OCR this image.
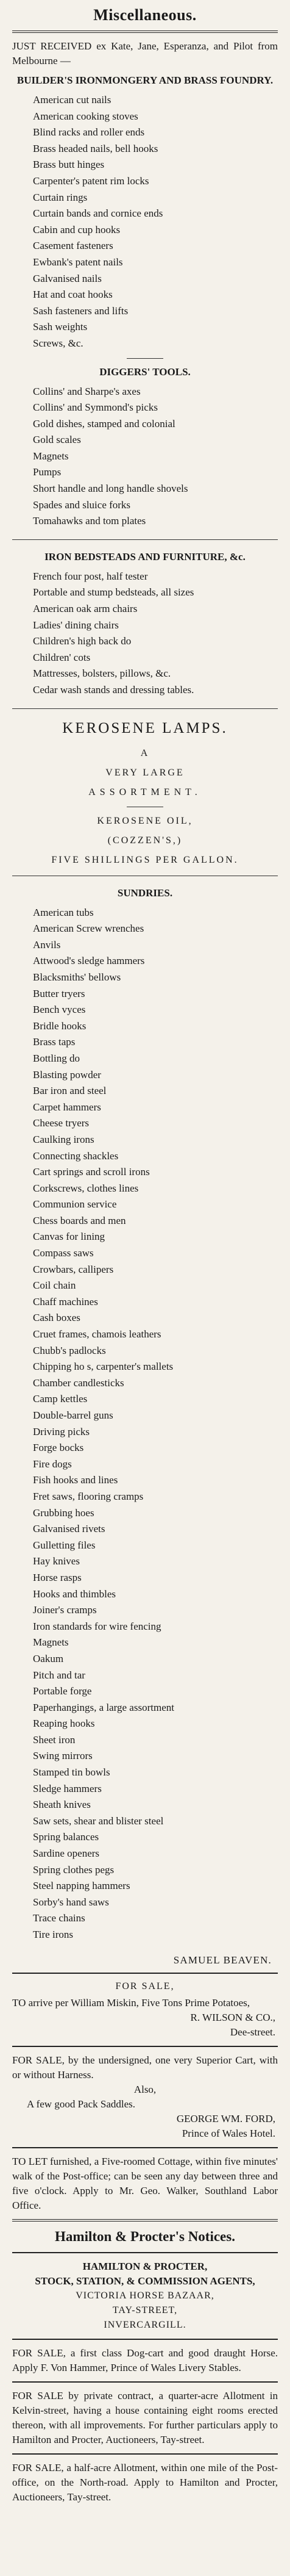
Miscellaneous.

JUST RECEIVED ex Kate, Jane, Esperanza, and Pilot from Melbourne —

BUILDER'S IRONMONGERY AND BRASS FOUNDRY.
American cut nails
American cooking stoves
Blind racks and roller ends
Brass headed nails, bell hooks
Brass butt hinges
Carpenter's patent rim locks
Curtain rings
Curtain bands and cornice ends
Cabin and cup hooks
Casement fasteners
Ewbank's patent nails
Galvanised nails
Hat and coat hooks
Sash fasteners and lifts
Sash weights
Screws, &c.
DIGGERS' TOOLS.
Collins' and Sharpe's axes
Collins' and Symmond's picks
Gold dishes, stamped and colonial
Gold scales
Magnets
Pumps
Short handle and long handle shovels
Spades and sluice forks
Tomahawks and tom plates
IRON BEDSTEADS AND FURNITURE, &c.
French four post, half tester
Portable and stump bedsteads, all sizes
American oak arm chairs
Ladies' dining chairs
Children's high back do
Children' cots
Mattresses, bolsters, pillows, &c.
Cedar wash stands and dressing tables.
KEROSENE LAMPS.
A
VERY LARGE
ASSORTMENT.
KEROSENE OIL,
(COZZEN'S,)
FIVE SHILLINGS PER GALLON.
SUNDRIES.
American tubs
American Screw wrenches
Anvils
Attwood's sledge hammers
Blacksmiths' bellows
Butter tryers
Bench vyces
Bridle hooks
Brass taps
Bottling do
Blasting powder
Bar iron and steel
Carpet hammers
Cheese tryers
Caulking irons
Connecting shackles
Cart springs and scroll irons
Corkscrews, clothes lines
Communion service
Chess boards and men
Canvas for lining
Compass saws
Crowbars, callipers
Coil chain
Chaff machines
Cash boxes
Cruet frames, chamois leathers
Chubb's padlocks
Chipping ho s, carpenter's mallets
Chamber candlesticks
Camp kettles
Double-barrel guns
Driving picks
Forge bocks
Fire dogs
Fish hooks and lines
Fret saws, flooring cramps
Grubbing hoes
Galvanised rivets
Gulletting files
Hay knives
Horse rasps
Hooks and thimbles
Joiner's cramps
Iron standards for wire fencing
Magnets
Oakum
Pitch and tar
Portable forge
Paperhangings, a large assortment
Reaping hooks
Sheet iron
Swing mirrors
Stamped tin bowls
Sledge hammers
Sheath knives
Saw sets, shear and blister steel
Spring balances
Sardine openers
Spring clothes pegs
Steel napping hammers
Sorby's hand saws
Trace chains
Tire irons
SAMUEL BEAVEN.
FOR SALE,

TO arrive per William Miskin, Five Tons Prime Potatoes,

R. WILSON & CO.,
Dee-street.

FOR SALE, by the undersigned, one very Superior Cart, with or without Harness.

Also,

A few good Pack Saddles.

GEORGE WM. FORD,
Prince of Wales Hotel.

TO LET furnished, a Five-roomed Cottage, within five minutes' walk of the Post-office; can be seen any day between three and five o'clock. Apply to Mr. Geo. Walker, Southland Labor Office.

Hamilton & Procter's Notices.
HAMILTON & PROCTER,
STOCK, STATION, & COMMISSION AGENTS,
VICTORIA HORSE BAZAAR,
TAY-STREET,
INVERCARGILL.

FOR SALE, a first class Dog-cart and good draught Horse. Apply F. Von Hammer, Prince of Wales Livery Stables.

FOR SALE by private contract, a quarter-acre Allotment in Kelvin-street, having a house containing eight rooms erected thereon, with all improvements. For further particulars apply to Hamilton and Procter, Auctioneers, Tay-street.

FOR SALE, a half-acre Allotment, within one mile of the Post-office, on the North-road. Apply to Hamilton and Procter, Auctioneers, Tay-street.
